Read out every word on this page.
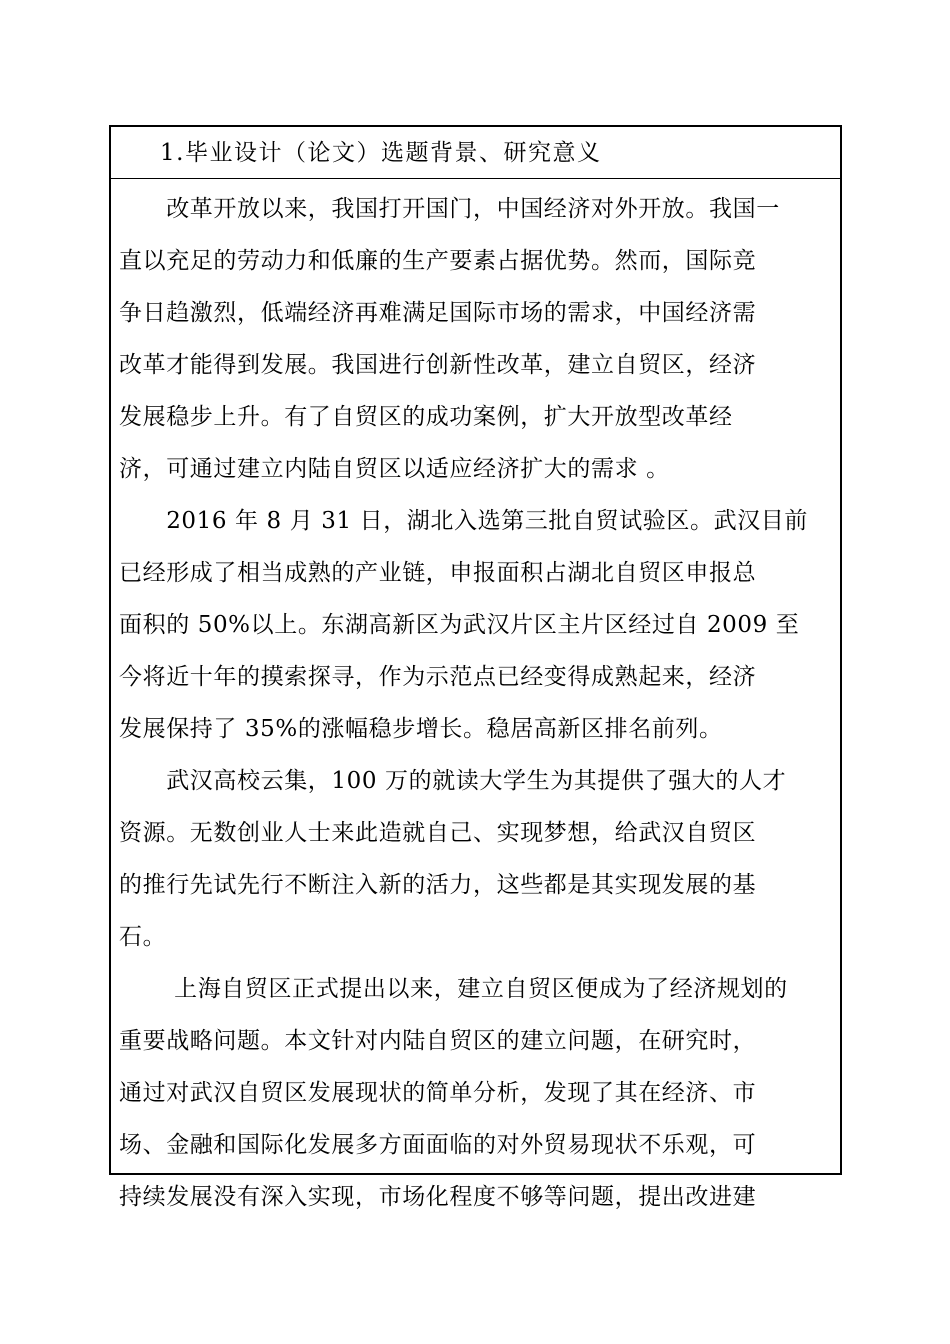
1.毕业设计（论文）选题背景、研究意义
　　改革开放以来，我国打开国门，中国经济对外开放。我国一
直以充足的劳动力和低廉的生产要素占据优势。然而，国际竞
争日趋激烈，低端经济再难满足国际市场的需求，中国经济需
改革才能得到发展。我国进行创新性改革，建立自贸区，经济
发展稳步上升。有了自贸区的成功案例，扩大开放型改革经
济，可通过建立内陆自贸区以适应经济扩大的需求 。
　　2016 年 8 月 31 日，湖北入选第三批自贸试验区。武汉目前
已经形成了相当成熟的产业链，申报面积占湖北自贸区申报总
面积的 50%以上。东湖高新区为武汉片区主片区经过自 2009 至
今将近十年的摸索探寻，作为示范点已经变得成熟起来，经济
发展保持了 35%的涨幅稳步增长。稳居高新区排名前列。
　　武汉高校云集，100 万的就读大学生为其提供了强大的人才
资源。无数创业人士来此造就自己、实现梦想，给武汉自贸区
的推行先试先行不断注入新的活力，这些都是其实现发展的基
石。
　　 上海自贸区正式提出以来，建立自贸区便成为了经济规划的
重要战略问题。本文针对内陆自贸区的建立问题，在研究时，
通过对武汉自贸区发展现状的简单分析，发现了其在经济、市
场、金融和国际化发展多方面面临的对外贸易现状不乐观，可
持续发展没有深入实现，市场化程度不够等问题，提出改进建
